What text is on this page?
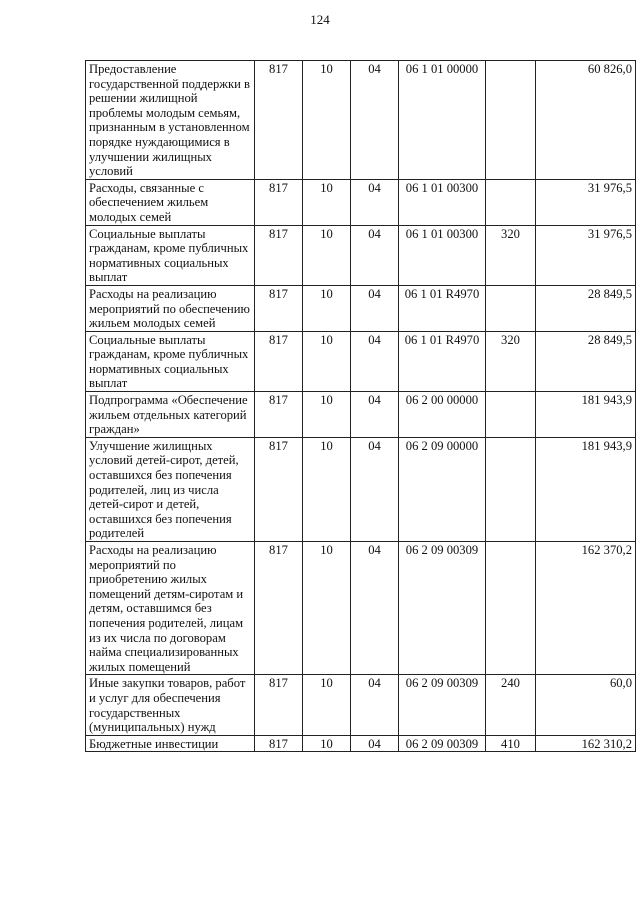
124
Предоставление государственной поддержки в решении жилищной проблемы молодым семьям, признанным в установленном порядке нуждающимися в улучшении жилищных условий	817	10	04	06 1 01 00000		60 826,0
Расходы, связанные с обеспечением жильем молодых семей	817	10	04	06 1 01 00300		31 976,5
Социальные выплаты гражданам, кроме публичных нормативных социальных выплат	817	10	04	06 1 01 00300	320	31 976,5
Расходы на реализацию мероприятий по обеспечению жильем молодых семей	817	10	04	06 1 01 R4970		28 849,5
Социальные выплаты гражданам, кроме публичных нормативных социальных выплат	817	10	04	06 1 01 R4970	320	28 849,5
Подпрограмма «Обеспечение жильем отдельных категорий граждан»	817	10	04	06 2 00 00000		181 943,9
Улучшение жилищных условий детей-сирот, детей, оставшихся без попечения родителей, лиц из числа детей-сирот и детей, оставшихся без попечения родителей	817	10	04	06 2 09 00000		181 943,9
Расходы на реализацию мероприятий по приобретению жилых помещений детям-сиротам и детям, оставшимся без попечения родителей, лицам из их числа по договорам найма специализированных жилых помещений	817	10	04	06 2 09 00309		162 370,2
Иные закупки товаров, работ и услуг для обеспечения государственных (муниципальных) нужд	817	10	04	06 2 09 00309	240	60,0
Бюджетные инвестиции	817	10	04	06 2 09 00309	410	162 310,2
